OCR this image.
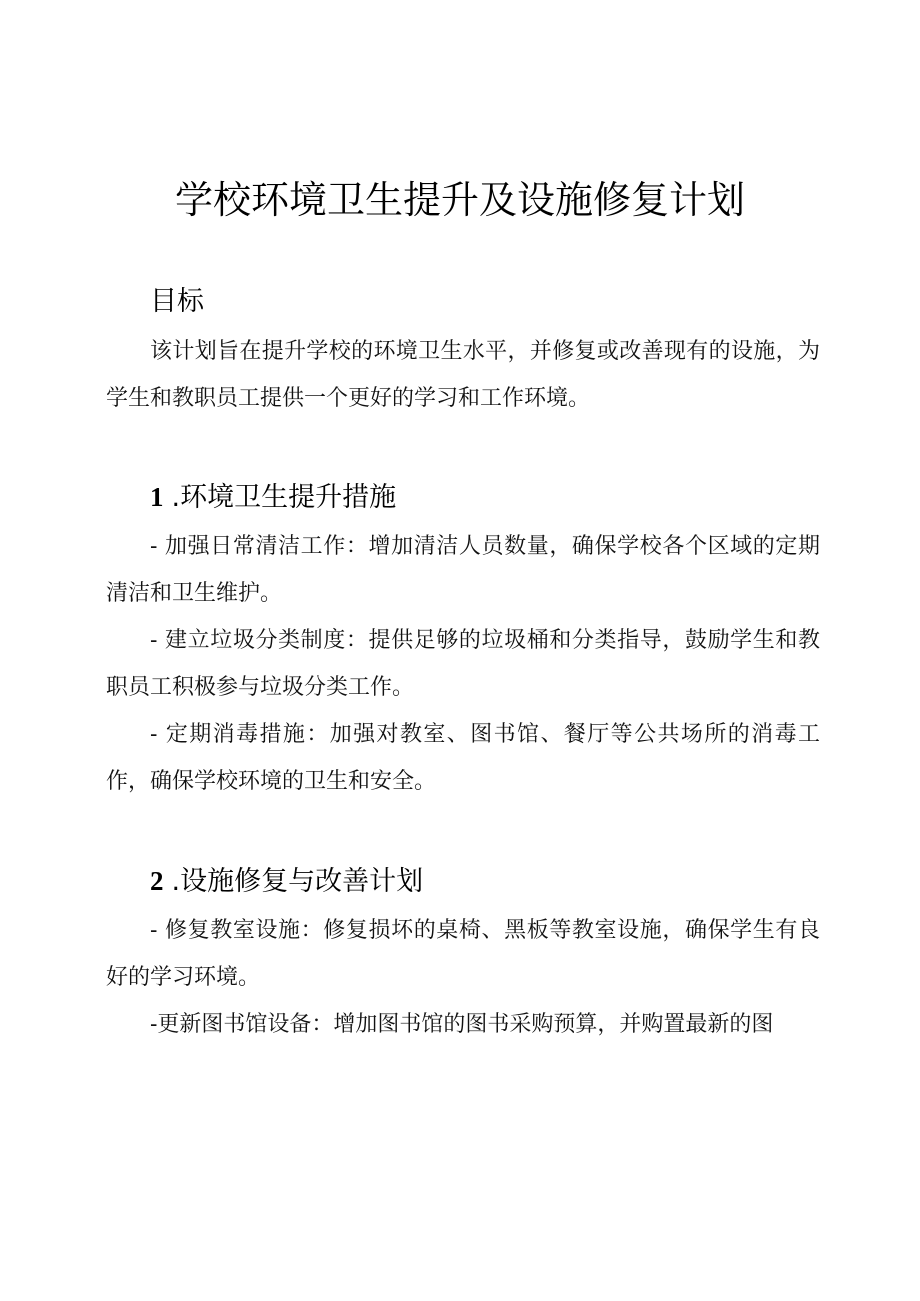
学校环境卫生提升及设施修复计划
目标

该计划旨在提升学校的环境卫生水平，并修复或改善现有的设施，为学生和教职员工提供一个更好的学习和工作环境。

1 .环境卫生提升措施

- 加强日常清洁工作：增加清洁人员数量，确保学校各个区域的定期清洁和卫生维护。

- 建立垃圾分类制度：提供足够的垃圾桶和分类指导，鼓励学生和教职员工积极参与垃圾分类工作。

- 定期消毒措施：加强对教室、图书馆、餐厅等公共场所的消毒工作，确保学校环境的卫生和安全。

2 .设施修复与改善计划

- 修复教室设施：修复损坏的桌椅、黑板等教室设施，确保学生有良好的学习环境。

-更新图书馆设备：增加图书馆的图书采购预算，并购置最新的图
